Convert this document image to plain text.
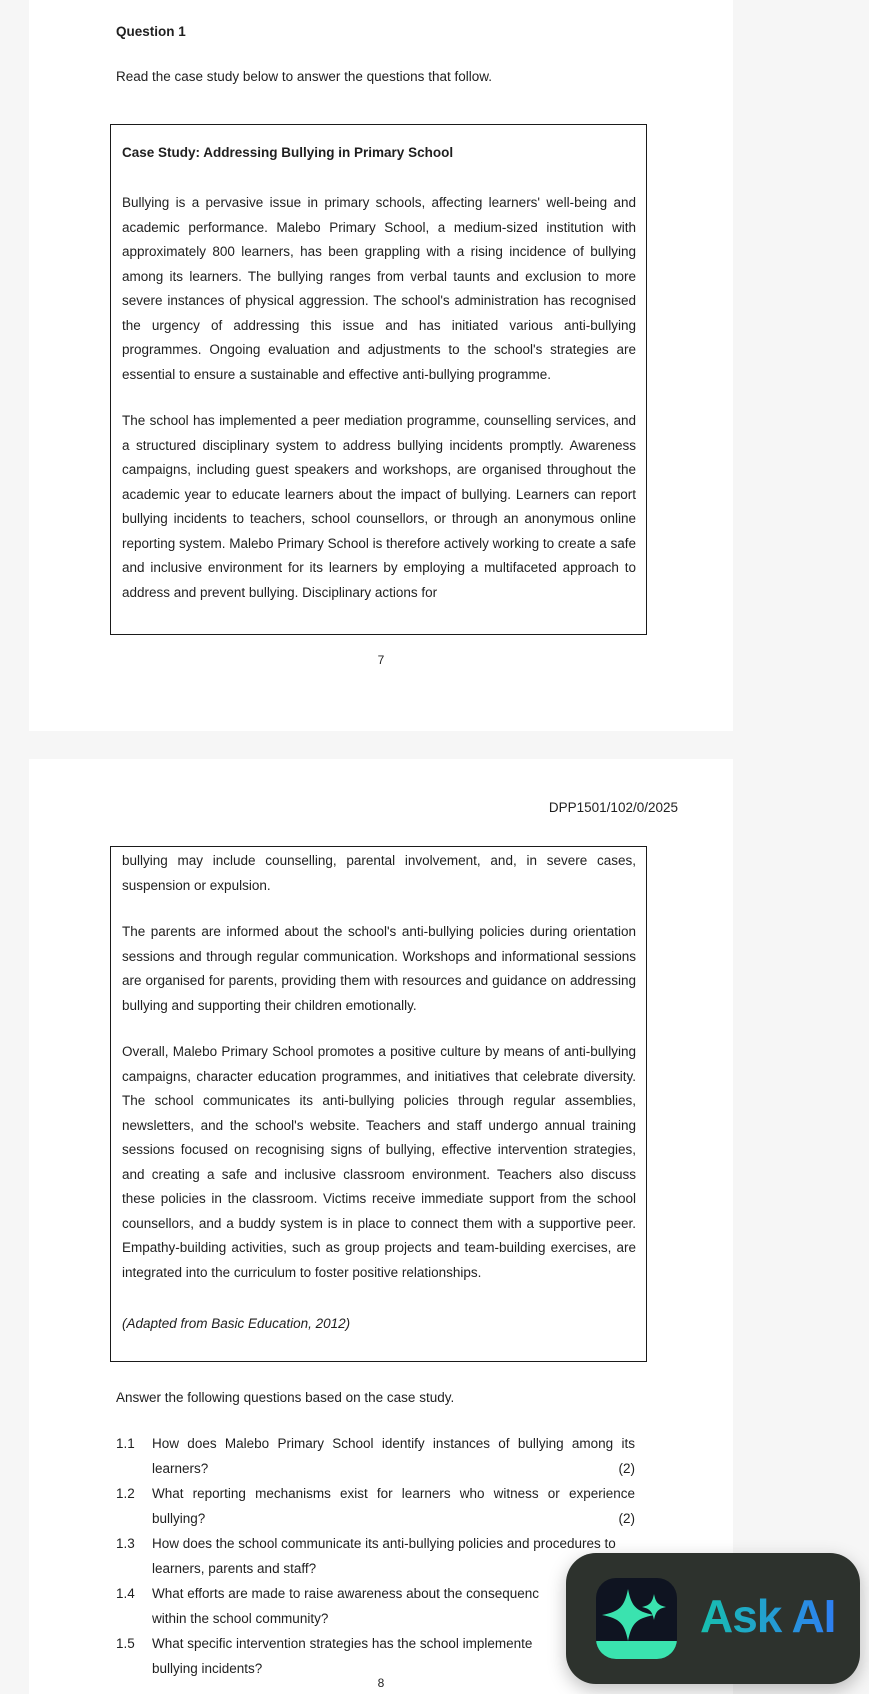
Question 1
Read the case study below to answer the questions that follow.

Case Study: Addressing Bullying in Primary School

Bullying is a pervasive issue in primary schools, affecting learners' well-being and academic performance. Malebo Primary School, a medium-sized institution with approximately 800 learners, has been grappling with a rising incidence of bullying among its learners. The bullying ranges from verbal taunts and exclusion to more severe instances of physical aggression. The school's administration has recognised the urgency of addressing this issue and has initiated various anti-bullying programmes. Ongoing evaluation and adjustments to the school's strategies are essential to ensure a sustainable and effective anti-bullying programme.

The school has implemented a peer mediation programme, counselling services, and a structured disciplinary system to address bullying incidents promptly. Awareness campaigns, including guest speakers and workshops, are organised throughout the academic year to educate learners about the impact of bullying. Learners can report bullying incidents to teachers, school counsellors, or through an anonymous online reporting system. Malebo Primary School is therefore actively working to create a safe and inclusive environment for its learners by employing a multifaceted approach to address and prevent bullying. Disciplinary actions for

7
DPP1501/102/0/2025

bullying may include counselling, parental involvement, and, in severe cases, suspension or expulsion.

The parents are informed about the school's anti-bullying policies during orientation sessions and through regular communication. Workshops and informational sessions are organised for parents, providing them with resources and guidance on addressing bullying and supporting their children emotionally.

Overall, Malebo Primary School promotes a positive culture by means of anti-bullying campaigns, character education programmes, and initiatives that celebrate diversity. The school communicates its anti-bullying policies through regular assemblies, newsletters, and the school's website. Teachers and staff undergo annual training sessions focused on recognising signs of bullying, effective intervention strategies, and creating a safe and inclusive classroom environment. Teachers also discuss these policies in the classroom. Victims receive immediate support from the school counsellors, and a buddy system is in place to connect them with a supportive peer. Empathy-building activities, such as group projects and team-building exercises, are integrated into the curriculum to foster positive relationships.

(Adapted from Basic Education, 2012)

Answer the following questions based on the case study.
1.1 How does Malebo Primary School identify instances of bullying among its
learners?	(2)
1.2 What reporting mechanisms exist for learners who witness or experience
bullying?	(2)
1.3 How does the school communicate its anti-bullying policies and procedures to
learners, parents and staff?
1.4 What efforts are made to raise awareness about the consequenc
within the school community?
1.5 What specific intervention strategies has the school implemente
bullying incidents?
8
Ask AI
